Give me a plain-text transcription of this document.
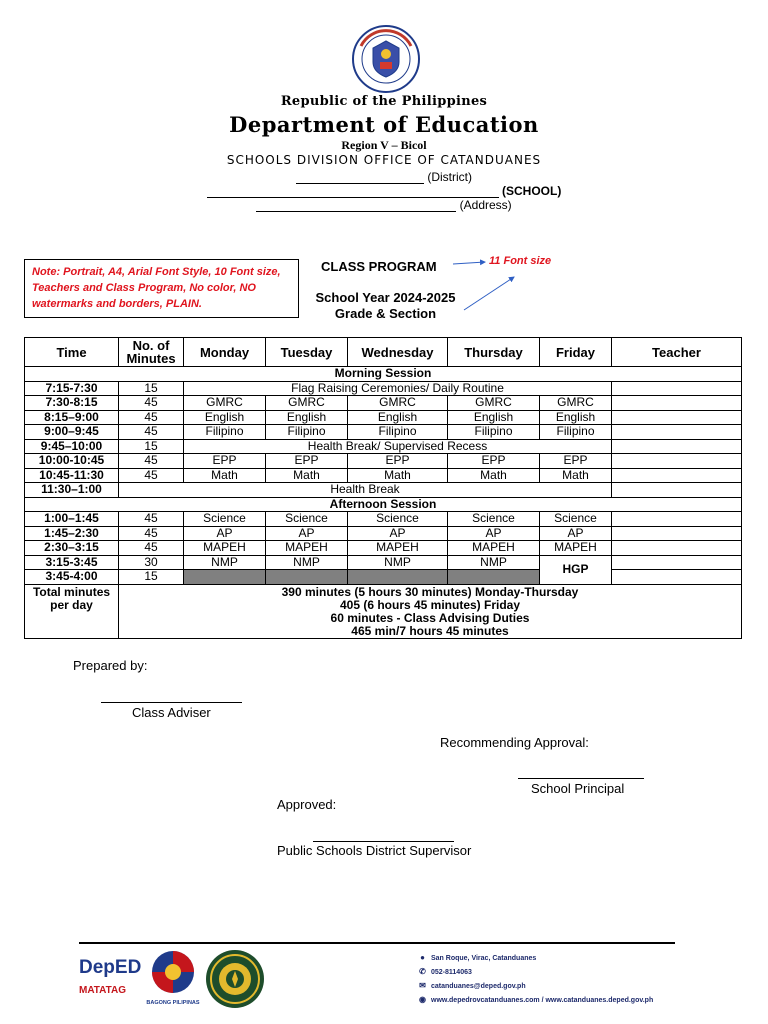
Republic of the Philippines
Department of Education
Region V – Bicol
SCHOOLS DIVISION OFFICE OF CATANDUANES
(District)
(SCHOOL)
(Address)
Note: Portrait, A4, Arial Font Style, 10 Font size, Teachers and Class Program, No color, NO watermarks and borders, PLAIN.
CLASS PROGRAM	11 Font size
School Year 2024-2025
Grade & Section
Time	No. of Minutes	Monday	Tuesday	Wednesday	Thursday	Friday	Teacher
Morning Session							
7:15-7:30	15	Flag Raising Ceremonies/ Daily Routine					
7:30-8:15	45	GMRC	GMRC	GMRC	GMRC	GMRC	
8:15–9:00	45	English	English	English	English	English	
9:00–9:45	45	Filipino	Filipino	Filipino	Filipino	Filipino	
9:45–10:00	15	Health Break/ Supervised Recess					
10:00-10:45	45	EPP	EPP	EPP	EPP	EPP	
10:45-11:30	45	Math	Math	Math	Math	Math	
11:30–1:00	Health Break						
Afternoon Session							
1:00–1:45	45	Science	Science	Science	Science	Science	
1:45–2:30	45	AP	AP	AP	AP	AP	
2:30–3:15	45	MAPEH	MAPEH	MAPEH	MAPEH	MAPEH	
3:15-3:45	30	NMP	NMP	NMP	NMP	HGP	
3:45-4:00	15						
Total minutes per day	390 minutes (5 hours 30 minutes) Monday-Thursday
405 (6 hours 45 minutes) Friday
60 minutes - Class Advising Duties
465 min/7 hours 45 minutes						
Prepared by:
Class Adviser
Recommending Approval:
School Principal
Approved:
Public Schools District Supervisor
DepED
MATATAG
BAGONG PILIPINAS
● San Roque, Virac, Catanduanes
✆ 052-8114063
✉ catanduanes@deped.gov.ph
◉ www.depedrovcatanduanes.com / www.catanduanes.deped.gov.ph
